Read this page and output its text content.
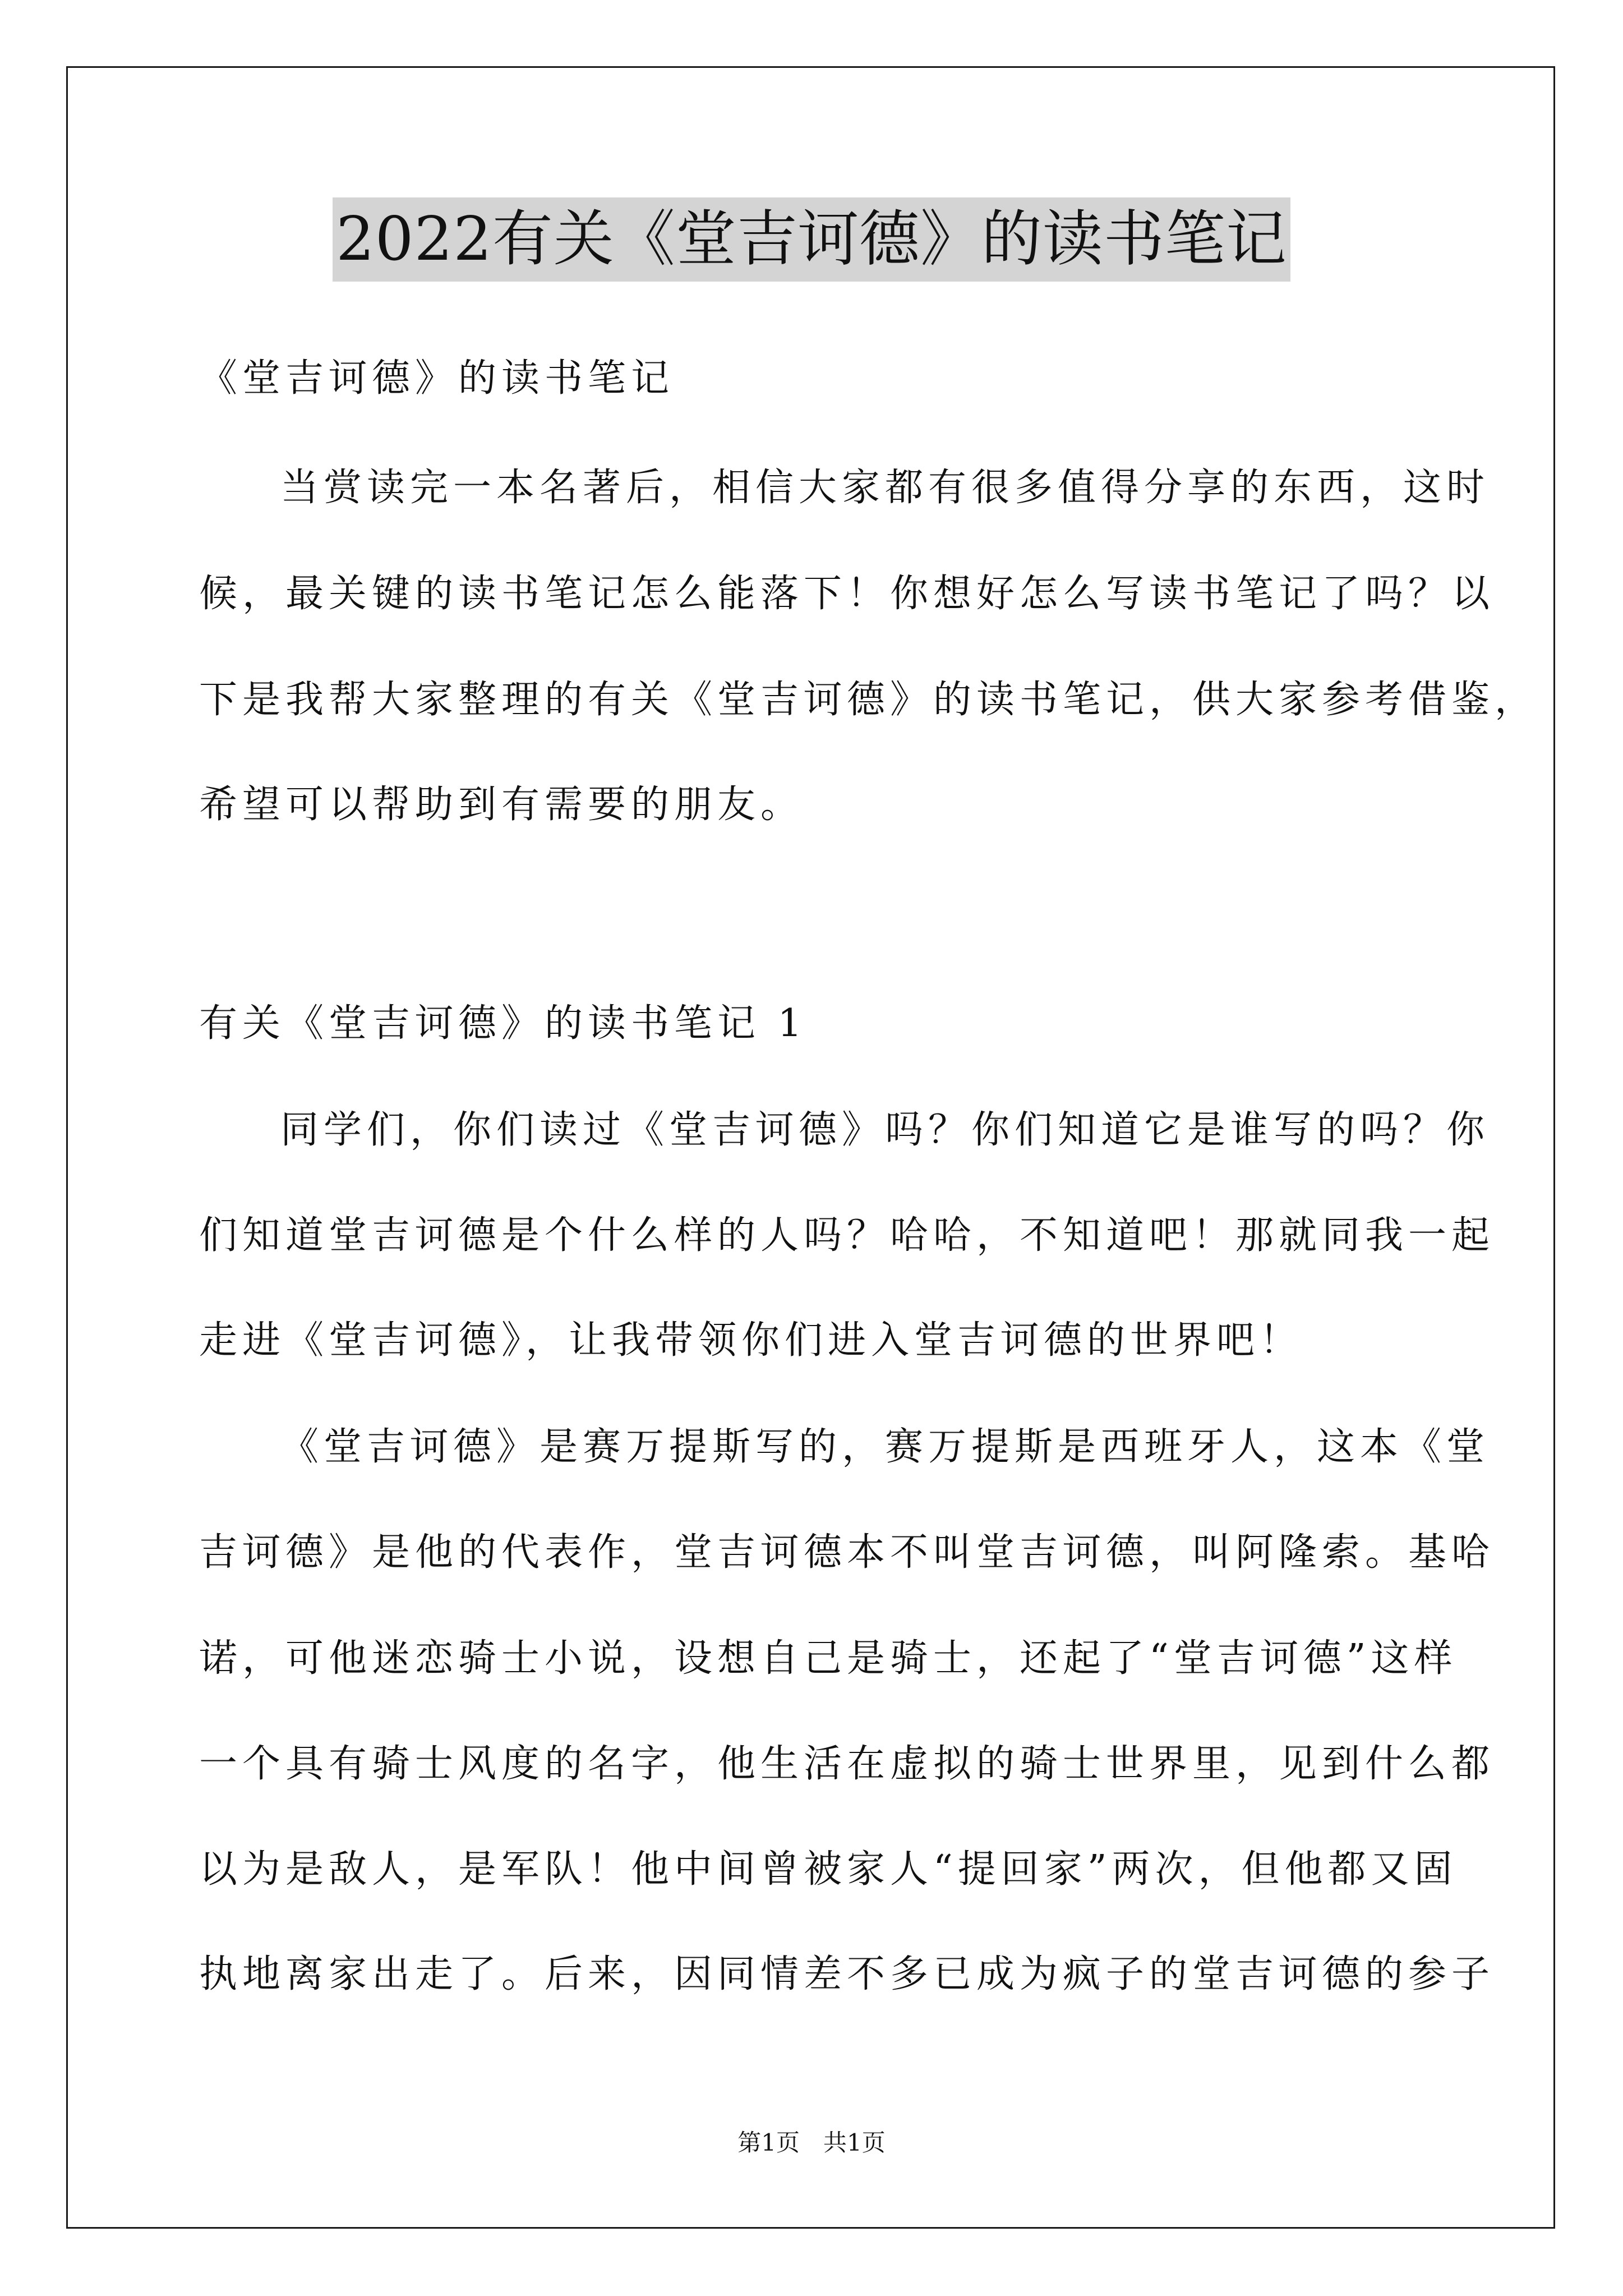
2022有关《堂吉诃德》的读书笔记
《堂吉诃德》的读书笔记
当赏读完一本名著后，相信大家都有很多值得分享的东西，这时
候，最关键的读书笔记怎么能落下！你想好怎么写读书笔记了吗？以
下是我帮大家整理的有关《堂吉诃德》的读书笔记，供大家参考借鉴，
希望可以帮助到有需要的朋友。
有关《堂吉诃德》的读书笔记 1
同学们，你们读过《堂吉诃德》吗？你们知道它是谁写的吗？你
们知道堂吉诃德是个什么样的人吗？哈哈，不知道吧！那就同我一起
走进《堂吉诃德》，让我带领你们进入堂吉诃德的世界吧！
《堂吉诃德》是赛万提斯写的，赛万提斯是西班牙人，这本《堂
吉诃德》是他的代表作，堂吉诃德本不叫堂吉诃德，叫阿隆索。基哈
诺，可他迷恋骑士小说，设想自己是骑士，还起了“堂吉诃德”这样
一个具有骑士风度的名字，他生活在虚拟的骑士世界里，见到什么都
以为是敌人，是军队！他中间曾被家人“提回家”两次，但他都又固
执地离家出走了。后来，因同情差不多已成为疯子的堂吉诃德的参子
第1页　共1页
